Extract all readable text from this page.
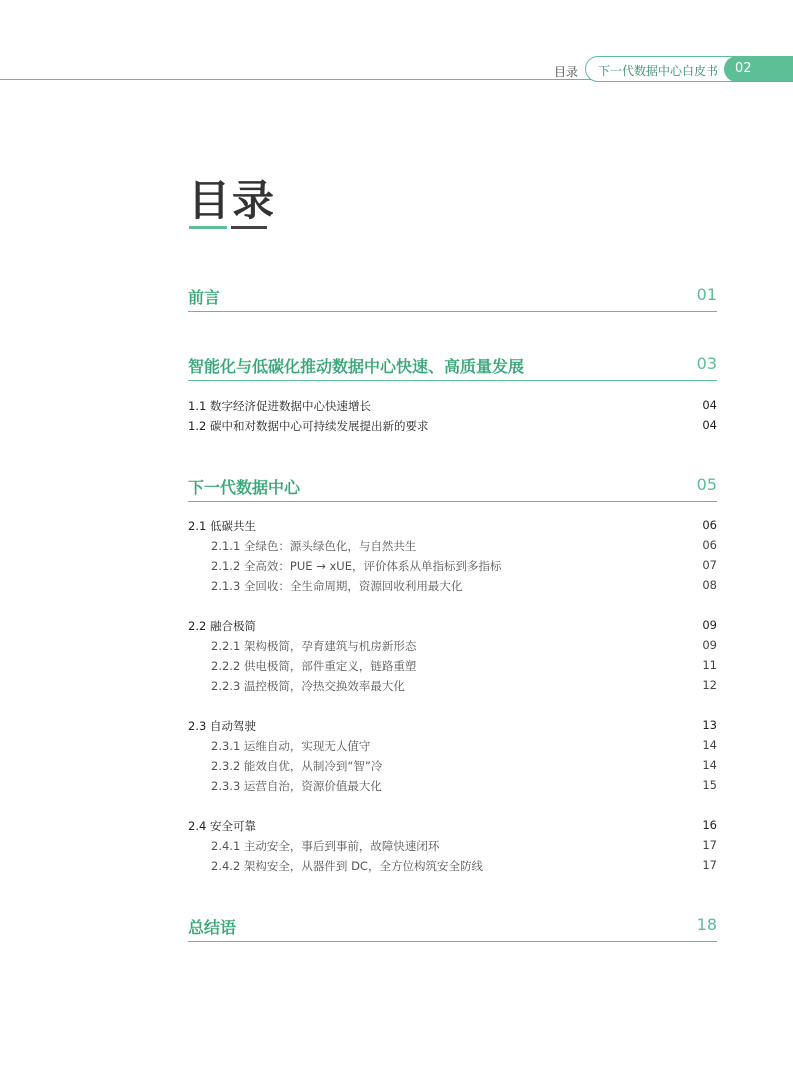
目录 下一代数据中心白皮书	02
目录
前言	01
智能化与低碳化推动数据中心快速、高质量发展	03
下一代数据中心	05
总结语	18
1.1 数字经济促进数据中心快速增长	04
1.2 碳中和对数据中心可持续发展提出新的要求	04
2.1 低碳共生	06
2.1.1 全绿色：源头绿色化，与自然共生	06
2.1.2 全高效：PUE → xUE，评价体系从单指标到多指标	07
2.1.3 全回收：全生命周期，资源回收利用最大化	08
2.2 融合极简	09
2.2.1 架构极简，孕育建筑与机房新形态	09
2.2.2 供电极简，部件重定义，链路重塑	11
2.2.3 温控极简，冷热交换效率最大化	12
2.3 自动驾驶	13
2.3.1 运维自动，实现无人值守	14
2.3.2 能效自优，从制冷到“智”冷	14
2.3.3 运营自治，资源价值最大化	15
2.4 安全可靠	16
2.4.1 主动安全，事后到事前，故障快速闭环	17
2.4.2 架构安全，从器件到 DC，全方位构筑安全防线	17
